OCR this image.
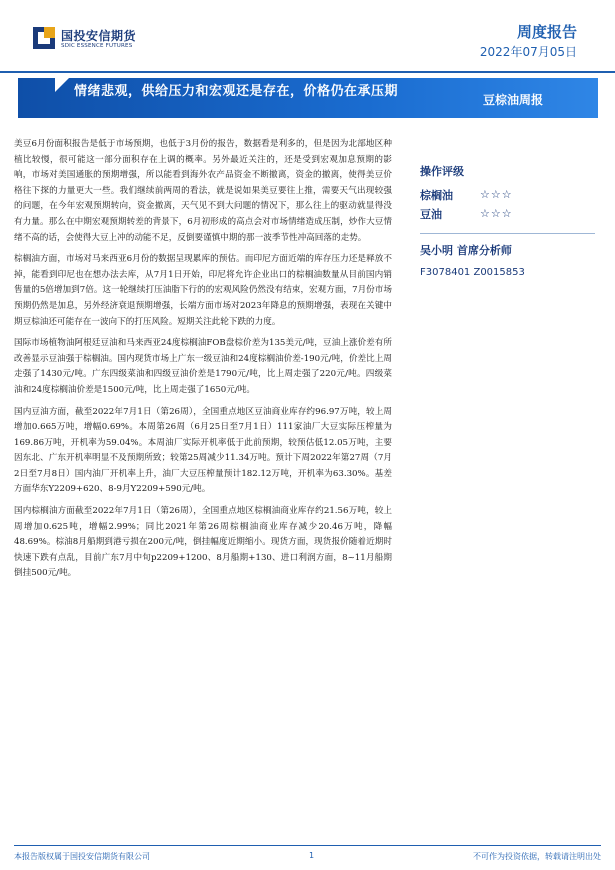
国投安信期货
SDIC ESSENCE FUTURES
周度报告
2022年07月05日
情绪悲观，供给压力和宏观还是存在，价格仍在承压期
豆棕油周报

美豆6月份面积报告是低于市场预期，也低于3月份的报告，数据看是利多的，但是因为北部地区种植比较慢，很可能这一部分面积存在上调的概率。另外最近关注的，还是受到宏观加息预期的影响，市场对美国通胀的预期增强，所以能看到海外农产品资金不断撤离，资金的撤离，使得美豆价格往下探的力量更大一些。我们继续前两周的看法，就是说如果美豆要往上推，需要天气出现较强的问题，在今年宏观预期转向，资金撤离，天气见不到大问题的情况下，那么往上的驱动就显得没有力量。那么在中期宏观预期转差的背景下，6月初形成的高点会对市场情绪造成压制，炒作大豆情绪不高的话，会使得大豆上冲的动能不足，反倒要谨慎中期的那一波季节性冲高回落的走势。

棕榈油方面，市场对马来西亚6月份的数据呈现累库的预估。而印尼方面近端的库存压力还是释放不掉，能看到印尼也在想办法去库，从7月1日开始，印尼将允许企业出口的棕榈油数量从目前国内销售量的5倍增加到7倍。这一轮继续打压油脂下行的的宏观风险仍然没有结束，宏观方面，7月份市场预期仍然是加息，另外经济衰退预期增强，长端方面市场对2023年降息的预期增强，表现在关键中期豆棕油还可能存在一波向下的打压风险。短期关注此轮下跌的力度。

国际市场植物油阿根廷豆油和马来西亚24度棕榈油FOB盘棕价差为135美元/吨，豆油上涨价差有所改善显示豆油强于棕榈油。国内现货市场上广东一级豆油和24度棕榈油价差-190元/吨，价差比上周走强了1430元/吨。广东四级菜油和四级豆油价差是1790元/吨，比上周走强了220元/吨。四级菜油和24度棕榈油价差是1500元/吨，比上周走强了1650元/吨。

国内豆油方面，截至2022年7月1日（第26周），全国重点地区豆油商业库存约96.97万吨，较上周增加0.665万吨，增幅0.69%。本周第26周（6月25日至7月1日）111家油厂大豆实际压榨量为169.86万吨，开机率为59.04%。本周油厂实际开机率低于此前预期，较预估低12.05万吨，主要因东北、广东开机率明显不及预期所致；较第25周减少11.34万吨。预计下周2022年第27周（7月2日至7月8日）国内油厂开机率上升，油厂大豆压榨量预计182.12万吨，开机率为63.30%。基差方面华东Y2209+620、8-9月Y2209+590元/吨。

国内棕榈油方面截至2022年7月1日（第26周），全国重点地区棕榈油商业库存约21.56万吨，较上周增加0.625吨，增幅2.99%；同比2021年第26周棕榈油商业库存减少20.46万吨，降幅48.69%。棕油8月船期到港亏损在200元/吨，倒挂幅度近期缩小。现货方面，现货报价随着近期时快速下跌有点乱，目前广东7月中旬p2209+1200、8月船期+130、进口利润方面，8~11月船期倒挂500元/吨。

操作评级
棕榈油	☆☆☆
豆油	☆☆☆
吴小明 首席分析师
F3078401 Z0015853
本报告版权属于国投安信期货有限公司	1	不可作为投资依据，转载请注明出处
